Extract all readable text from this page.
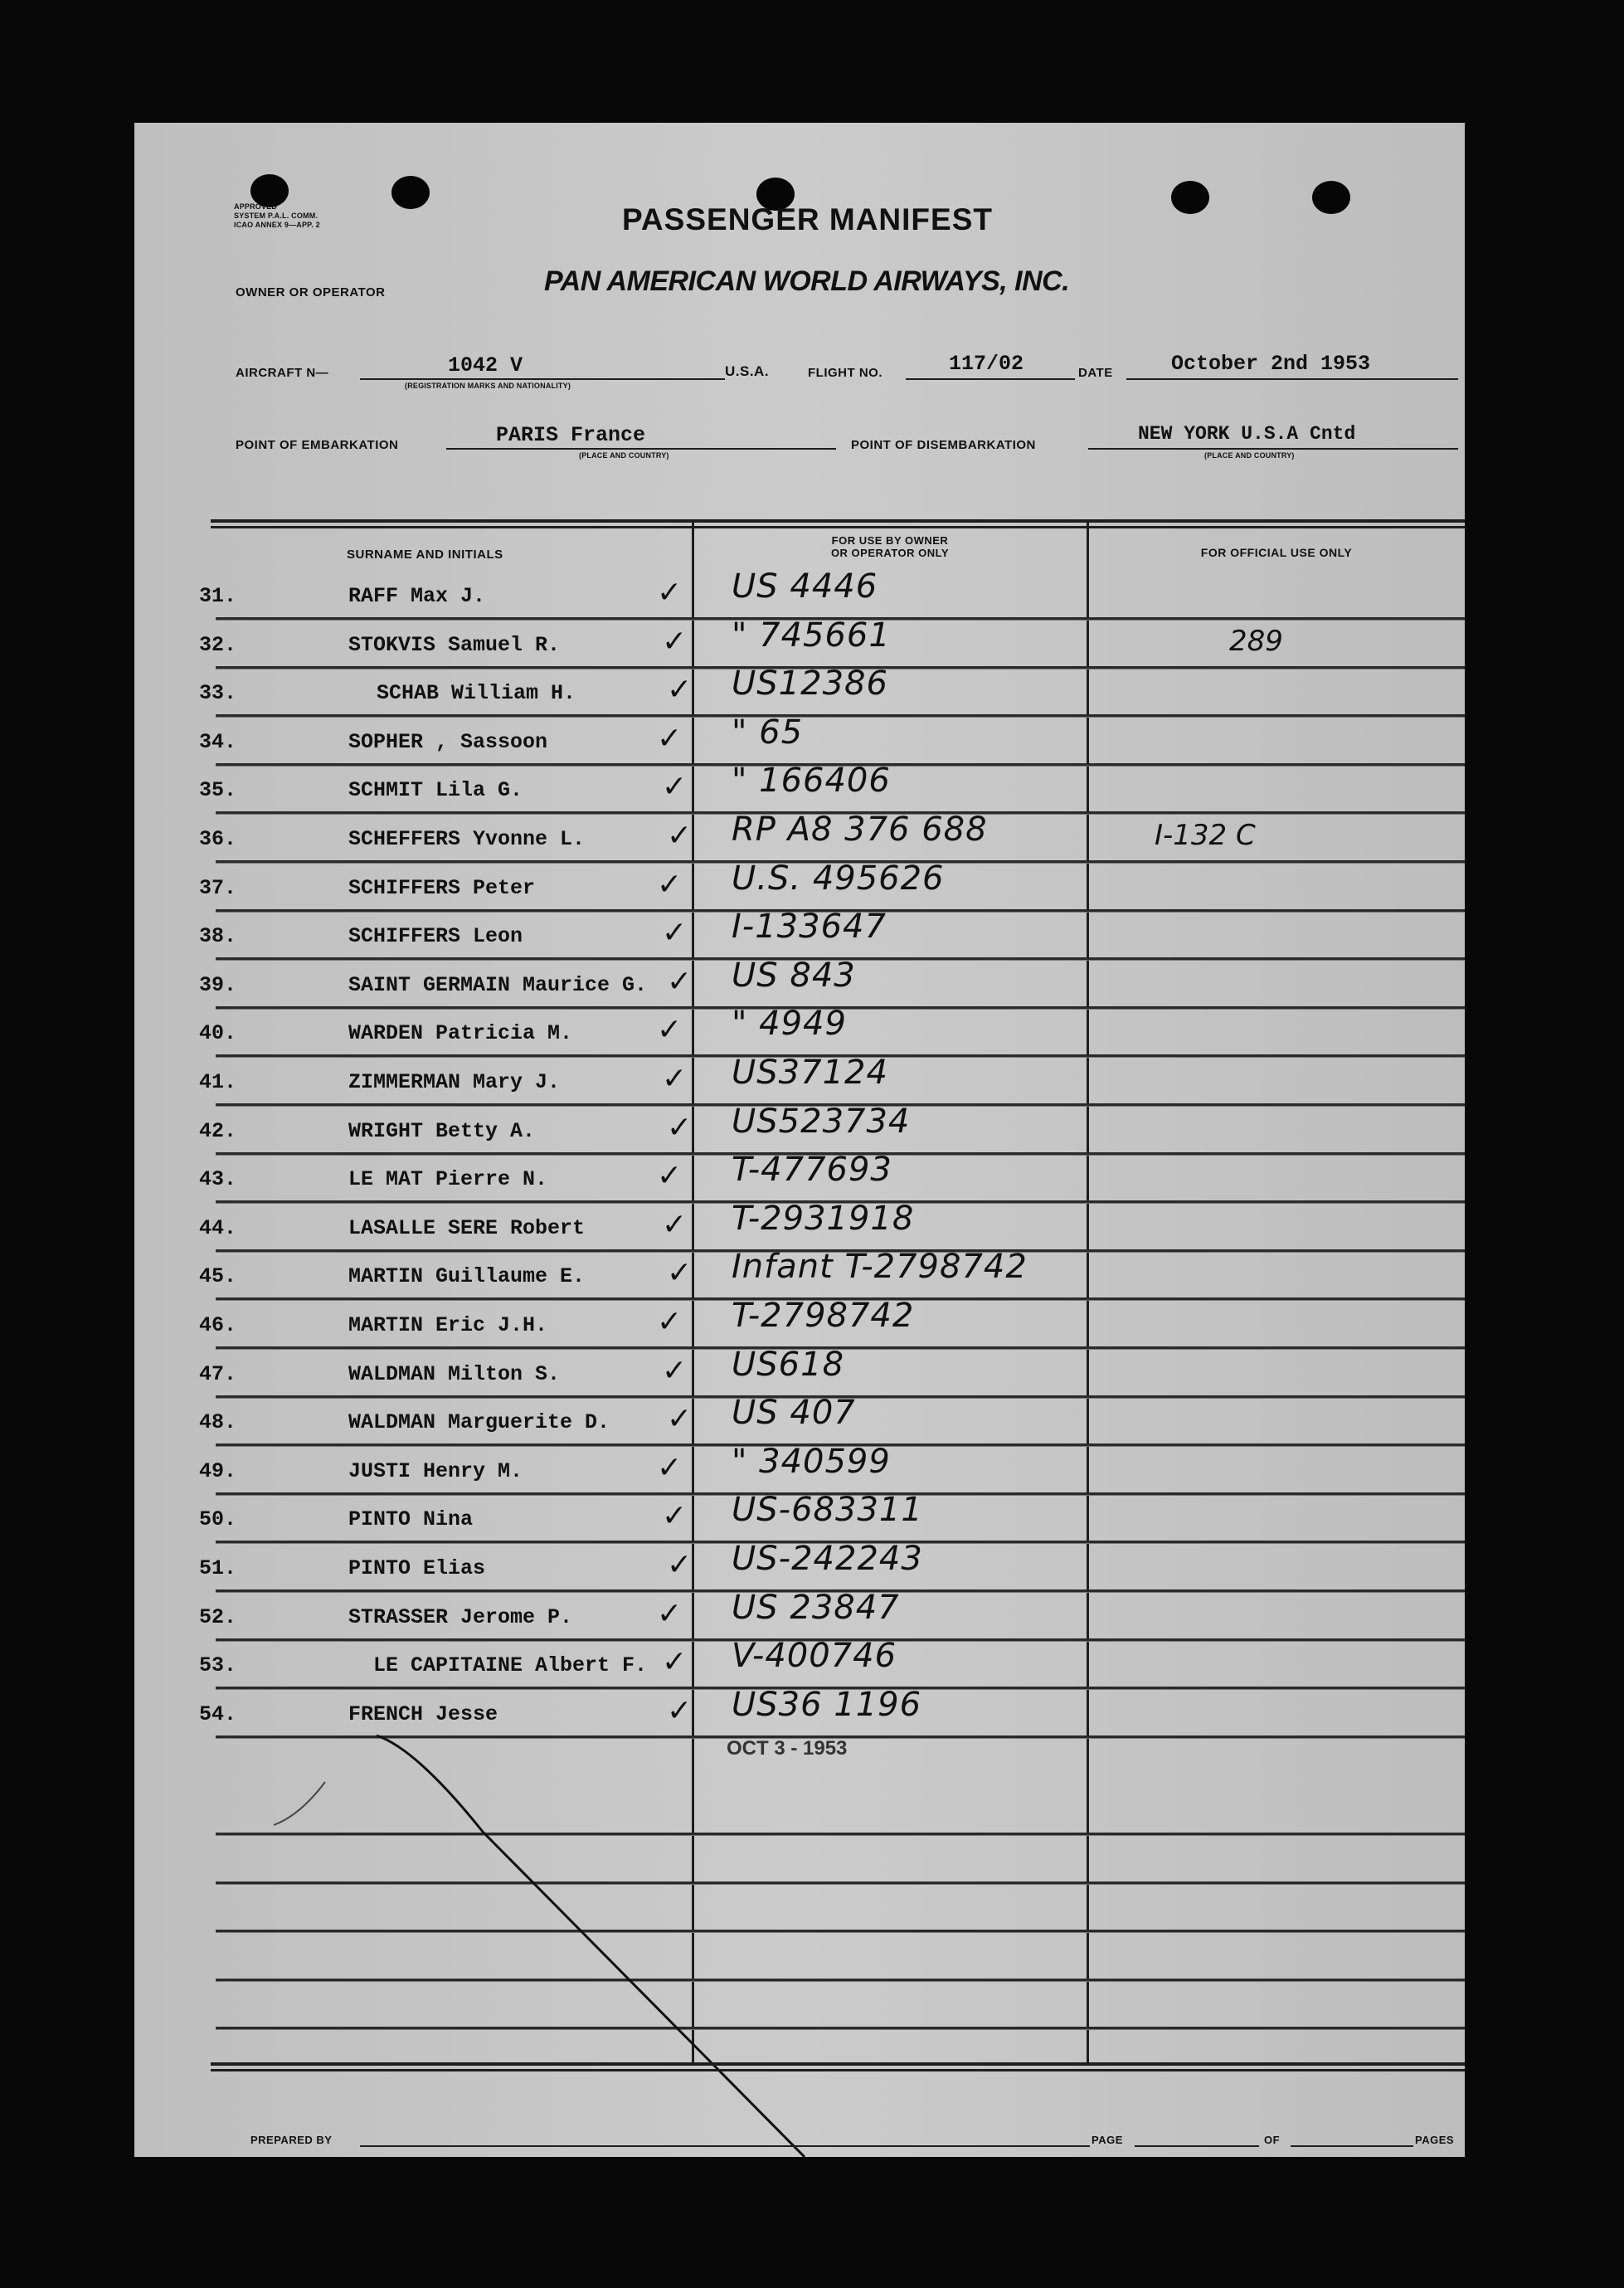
APPROVED
SYSTEM P.A.L. COMM.
ICAO ANNEX 9—APP. 2	PASSENGER MANIFEST
OWNER OR OPERATOR	PAN AMERICAN WORLD AIRWAYS, INC.
AIRCRAFT N—	1042 V
(REGISTRATION MARKS AND NATIONALITY)
U.S.A.	FLIGHT NO.	117/02	DATE	October 2nd 1953
POINT OF EMBARKATION	PARIS France
(PLACE AND COUNTRY)
POINT OF DISEMBARKATION
NEW YORK U.S.A Cntd
(PLACE AND COUNTRY)
SURNAME AND INITIALS
FOR USE BY OWNER
OR OPERATOR ONLY	FOR OFFICIAL USE ONLY
31.	RAFF Max J.	✓ US 4446
32.	STOKVIS Samuel R.	✓ " 745661	289
33.	SCHAB William H.	✓ US12386
34.	SOPHER , Sassoon	✓ " 65
35.	SCHMIT Lila G.	✓ " 166406
36.	SCHEFFERS Yvonne L.	✓ RP A8 376 688	I-132 C
37.	SCHIFFERS Peter	✓ U.S. 495626
38.	SCHIFFERS Leon	✓ I-133647
39.	SAINT GERMAIN Maurice G. ✓ US 843
40.	WARDEN Patricia M.	✓ " 4949
41.	ZIMMERMAN Mary J.	✓ US37124
42.	WRIGHT Betty A.	✓ US523734
43.	LE MAT Pierre N.	✓ T-477693
44.	LASALLE SERE Robert	✓ T-2931918
45.	MARTIN Guillaume E.	✓ Infant T-2798742
46.	MARTIN Eric J.H.	✓ T-2798742
47.	WALDMAN Milton S.	✓ US618
48.	WALDMAN Marguerite D. ✓ US 407
49.	JUSTI Henry M.	✓ " 340599
50.	PINTO Nina	✓ US-683311
51.	PINTO Elias	✓ US-242243
52.	STRASSER Jerome P.	✓ US 23847
53.	LE CAPITAINE Albert F. ✓ V-400746
54.	FRENCH Jesse	✓ US36 1196
OCT 3 - 1953
PREPARED BY	PAGE	OF	PAGES
